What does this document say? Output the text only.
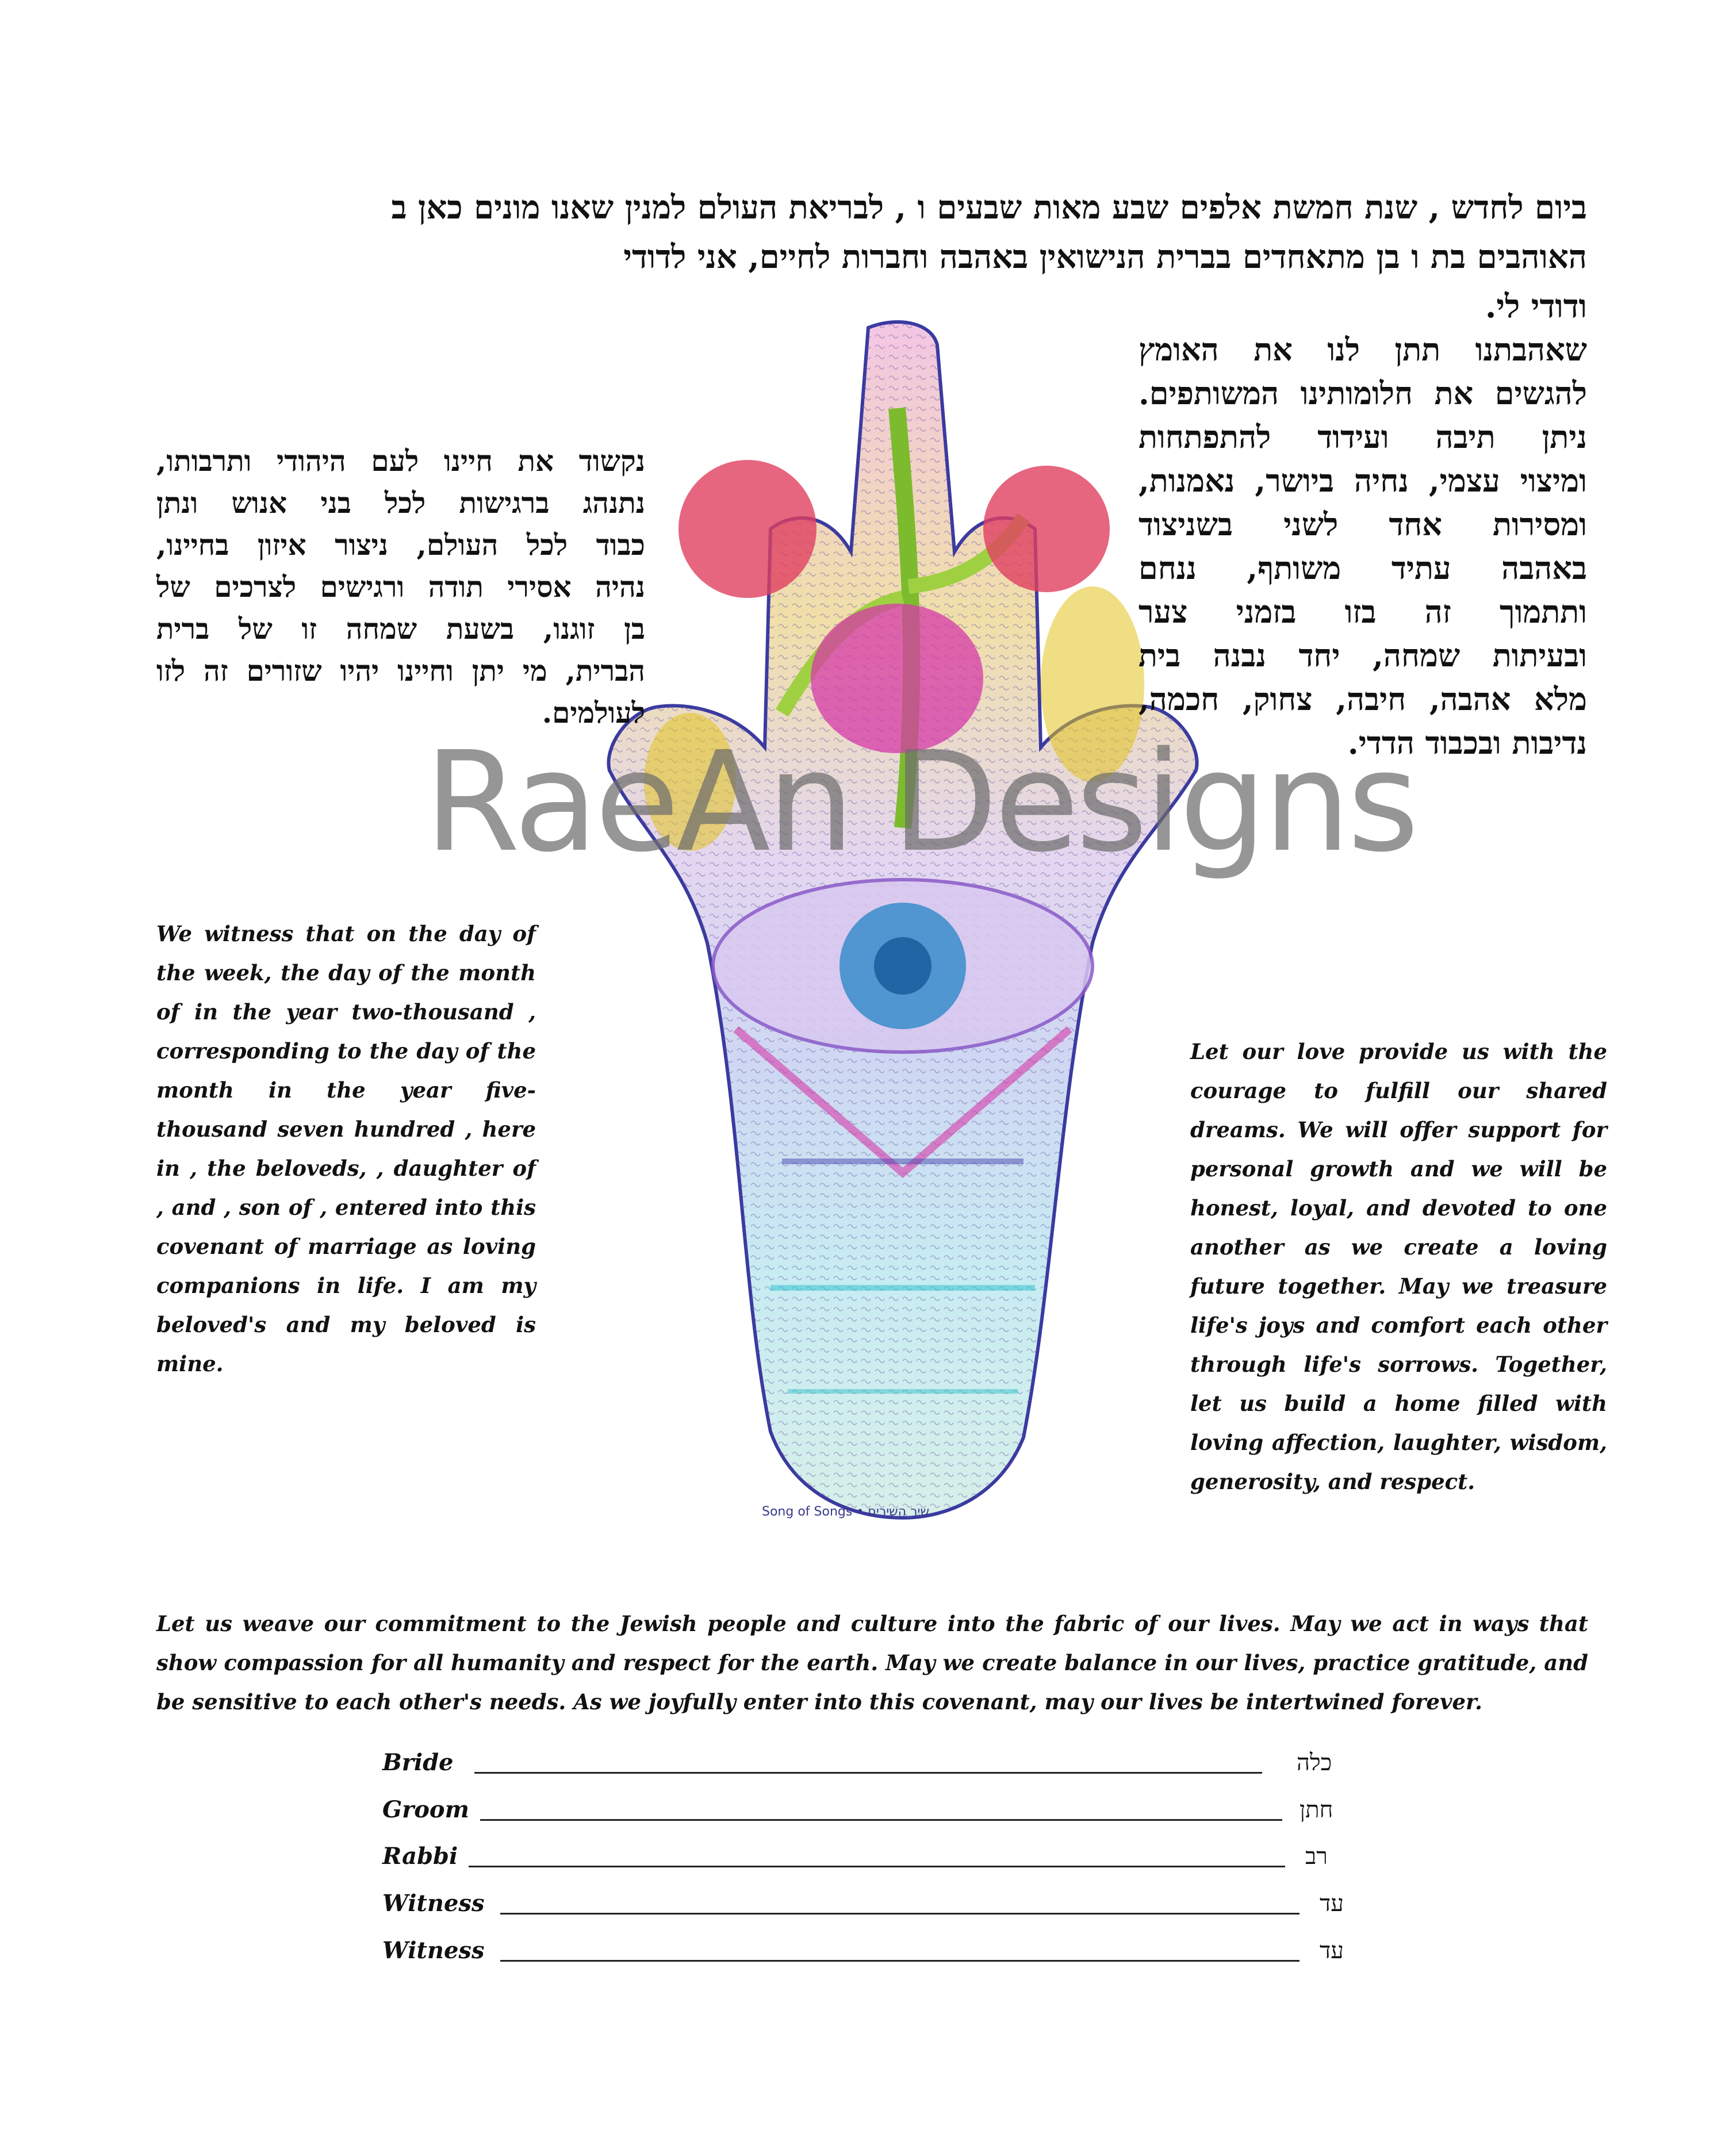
Song of Songs • שיר השירים
RaeAn Designs
ביום לחדש , שנת חמשת אלפים שבע מאות שבעים ו , לבריאת העולם למנין שאנו מונים כאן ב
האוהבים בת ו בן מתאחדים בברית הנישואין באהבה וחברות לחיים, אני לדודי
ודודי לי.
שאהבתנו תתן לנו את האומץ
להגשים את חלומותינו המשותפים.
ניתן תיבה ועידוד להתפתחות
ומיצוי עצמי, נחיה ביושר, נאמנות,
ומסירות אחד לשני בשניצוד
באהבה עתיד משותף, ננחם
ותתמוך זה בזו בזמני צער
ובעיתות שמחה, יחד נבנה בית
מלא אהבה, חיבה, צחוק, חכמה,
נדיבות ובכבוד הדדי.
נקשוד את חיינו לעם היהודי ותרבותו,
נתנהג ברגישות לכל בני אנוש ונתן
כבוד לכל העולם, ניצור איזון בחיינו,
נהיה אסירי תודה ורגישים לצרכים של
בן זוגנו, בשעת שמחה זו של ברית
הברית, מי יתן וחיינו יהיו שזורים זה לזו
לעולמים.
We witness that on the day of the week, the day of the month of in the year two-thousand , corresponding to the day of the month in the year five-thousand seven hundred , here in , the beloveds, , daughter of , and , son of , entered into this covenant of marriage as loving companions in life. I am my beloved's and my beloved is mine.
Let our love provide us with the courage to fulfill our shared dreams. We will offer support for personal growth and we will be honest, loyal, and devoted to one another as we create a loving future together. May we treasure life's joys and comfort each other through life's sorrows. Together, let us build a home filled with loving affection, laughter, wisdom, generosity, and respect.
Let us weave our commitment to the Jewish people and culture into the fabric of our lives. May we act in ways that show compassion for all humanity and respect for the earth. May we create balance in our lives, practice gratitude, and be sensitive to each other's needs. As we joyfully enter into this covenant, may our lives be intertwined forever.
Bride	כלה
Groom	חתן
Rabbi	רב
Witness	עד
Witness	עד
